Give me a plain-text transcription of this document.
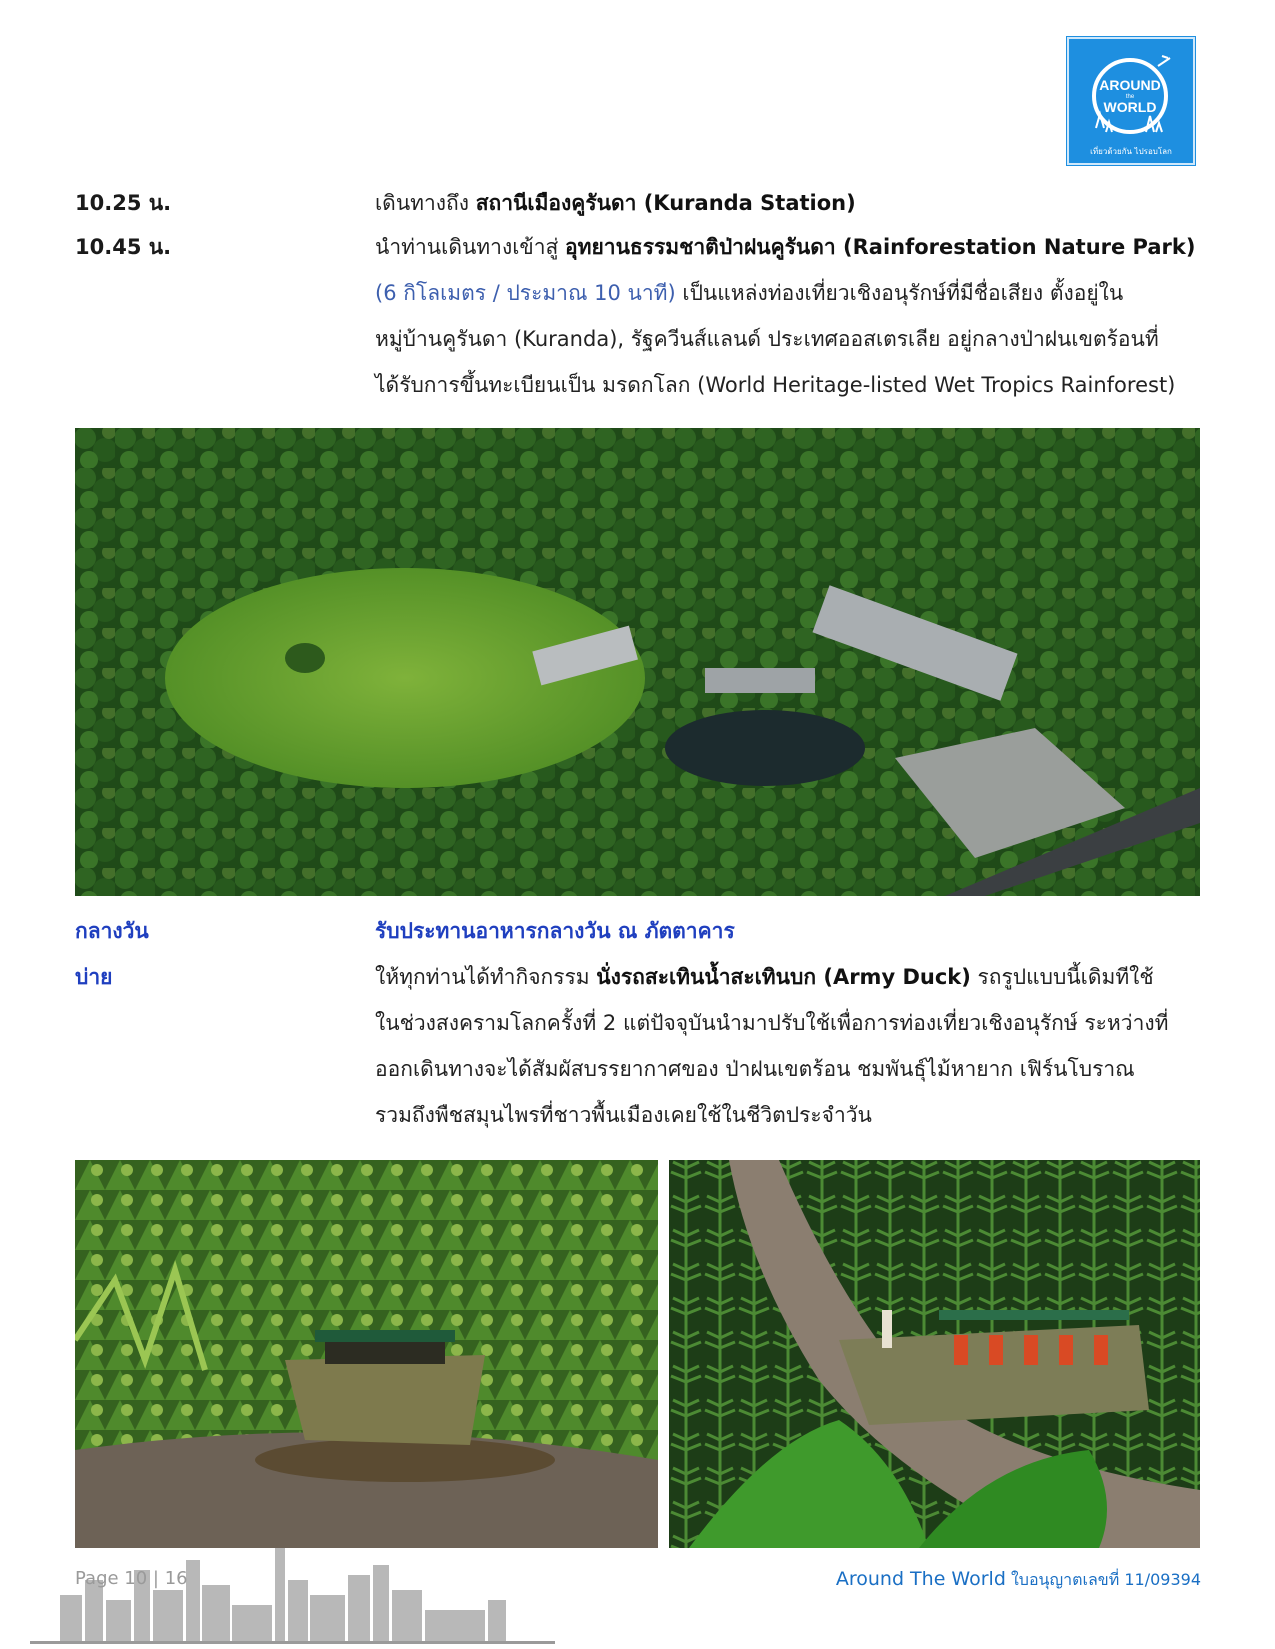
AROUND
the
WORLD
เที่ยวด้วยกัน ไปรอบโลก
10.25 น.	เดินทางถึง สถานีเมืองคูรันดา (Kuranda Station)
10.45 น.	นำท่านเดินทางเข้าสู่ อุทยานธรรมชาติป่าฝนคูรันดา (Rainforestation Nature Park)
(6 กิโลเมตร / ประมาณ 10 นาที) เป็นแหล่งท่องเที่ยวเชิงอนุรักษ์ที่มีชื่อเสียง ตั้งอยู่ใน
หมู่บ้านคูรันดา (Kuranda), รัฐควีนส์แลนด์ ประเทศออสเตรเลีย อยู่กลางป่าฝนเขตร้อนที่
ได้รับการขึ้นทะเบียนเป็น มรดกโลก (World Heritage-listed Wet Tropics Rainforest)
กลางวัน	รับประทานอาหารกลางวัน ณ ภัตตาคาร
บ่าย	ให้ทุกท่านได้ทำกิจกรรม นั่งรถสะเทินน้ำสะเทินบก (Army Duck) รถรูปแบบนี้เดิมทีใช้
ในช่วงสงครามโลกครั้งที่ 2 แต่ปัจจุบันนำมาปรับใช้เพื่อการท่องเที่ยวเชิงอนุรักษ์ ระหว่างที่
ออกเดินทางจะได้สัมผัสบรรยากาศของ ป่าฝนเขตร้อน ชมพันธุ์ไม้หายาก เฟิร์นโบราณ
รวมถึงพืชสมุนไพรที่ชาวพื้นเมืองเคยใช้ในชีวิตประจำวัน
Page 10 | 16	Around The World ใบอนุญาตเลขที่ 11/09394
